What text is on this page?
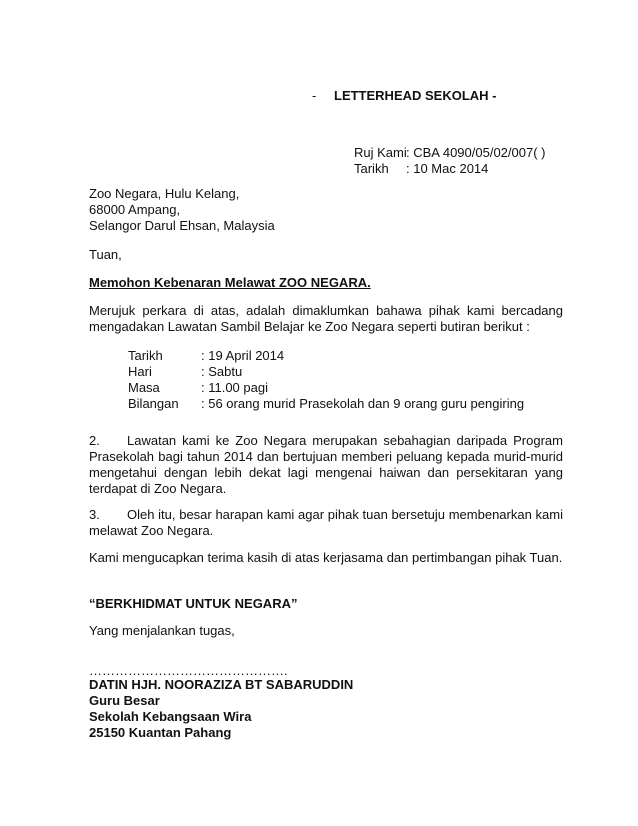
- LETTERHEAD SEKOLAH -
Ruj Kami: CBA 4090/05/02/007( )
Tarikh : 10 Mac 2014
Zoo Negara, Hulu Kelang,
68000 Ampang,
Selangor Darul Ehsan, Malaysia
Tuan,
Memohon Kebenaran Melawat ZOO NEGARA.
Merujuk perkara di atas, adalah dimaklumkan bahawa pihak kami bercadang mengadakan Lawatan Sambil Belajar ke Zoo Negara seperti butiran berikut :
Tarikh	: 19 April 2014
Hari	: Sabtu
Masa	: 11.00 pagi
Bilangan : 56 orang murid Prasekolah dan 9 orang guru pengiring
2. Lawatan kami ke Zoo Negara merupakan sebahagian daripada Program Prasekolah bagi tahun 2014 dan bertujuan memberi peluang kepada murid-murid mengetahui dengan lebih dekat lagi mengenai haiwan dan persekitaran yang terdapat di Zoo Negara.
3. Oleh itu, besar harapan kami agar pihak tuan bersetuju membenarkan kami melawat Zoo Negara.
Kami mengucapkan terima kasih di atas kerjasama dan pertimbangan pihak Tuan.
“BERKHIDMAT UNTUK NEGARA”
Yang menjalankan tugas,
……………………………………….
DATIN HJH. NOORAZIZA BT SABARUDDIN
Guru Besar
Sekolah Kebangsaan Wira
25150 Kuantan Pahang
